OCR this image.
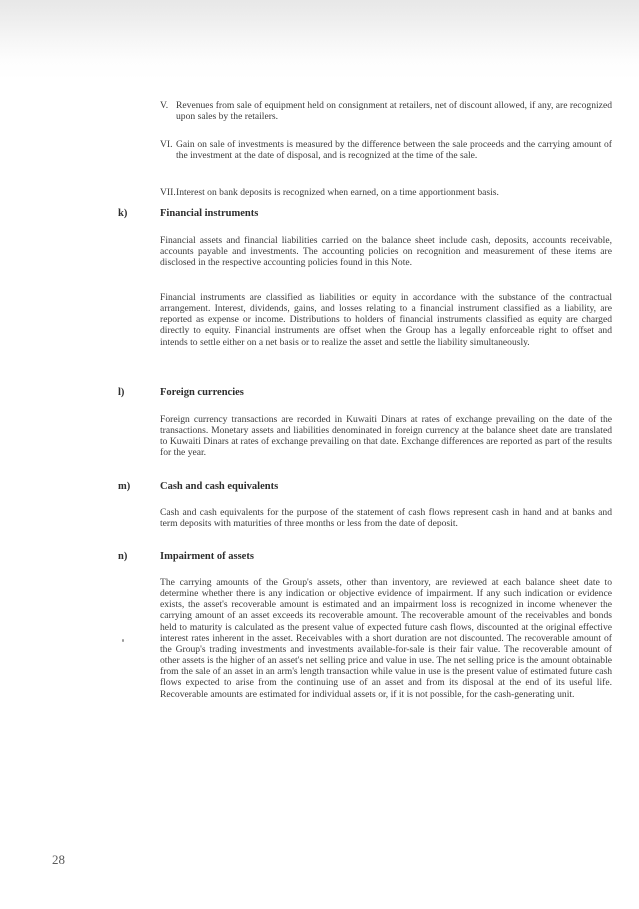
V. Revenues from sale of equipment held on consignment at retailers, net of discount allowed, if any, are recognized upon sales by the retailers.
VI. Gain on sale of investments is measured by the difference between the sale proceeds and the carrying amount of the investment at the date of disposal, and is recognized at the time of the sale.
VII. Interest on bank deposits is recognized when earned, on a time apportionment basis.
k)	Financial instruments
Financial assets and financial liabilities carried on the balance sheet include cash, deposits, accounts receivable, accounts payable and investments. The accounting policies on recognition and measurement of these items are disclosed in the respective accounting policies found in this Note.
Financial instruments are classified as liabilities or equity in accordance with the substance of the contractual arrangement. Interest, dividends, gains, and losses relating to a financial instrument classified as a liability, are reported as expense or income. Distributions to holders of financial instruments classified as equity are charged directly to equity. Financial instruments are offset when the Group has a legally enforceable right to offset and intends to settle either on a net basis or to realize the asset and settle the liability simultaneously.
l)	Foreign currencies
Foreign currency transactions are recorded in Kuwaiti Dinars at rates of exchange prevailing on the date of the transactions. Monetary assets and liabilities denominated in foreign currency at the balance sheet date are translated to Kuwaiti Dinars at rates of exchange prevailing on that date. Exchange differences are reported as part of the results for the year.
m)	Cash and cash equivalents
Cash and cash equivalents for the purpose of the statement of cash flows represent cash in hand and at banks and term deposits with maturities of three months or less from the date of deposit.
n)	Impairment of assets
The carrying amounts of the Group's assets, other than inventory, are reviewed at each balance sheet date to determine whether there is any indication or objective evidence of impairment. If any such indication or evidence exists, the asset's recoverable amount is estimated and an impairment loss is recognized in income whenever the carrying amount of an asset exceeds its recoverable amount. The recoverable amount of the receivables and bonds held to maturity is calculated as the present value of expected future cash flows, discounted at the original effective interest rates inherent in the asset. Receivables with a short duration are not discounted. The recoverable amount of the Group's trading investments and investments available-for-sale is their fair value. The recoverable amount of other assets is the higher of an asset's net selling price and value in use. The net selling price is the amount obtainable from the sale of an asset in an arm's length transaction while value in use is the present value of estimated future cash flows expected to arise from the continuing use of an asset and from its disposal at the end of its useful life. Recoverable amounts are estimated for individual assets or, if it is not possible, for the cash-generating unit.
28
